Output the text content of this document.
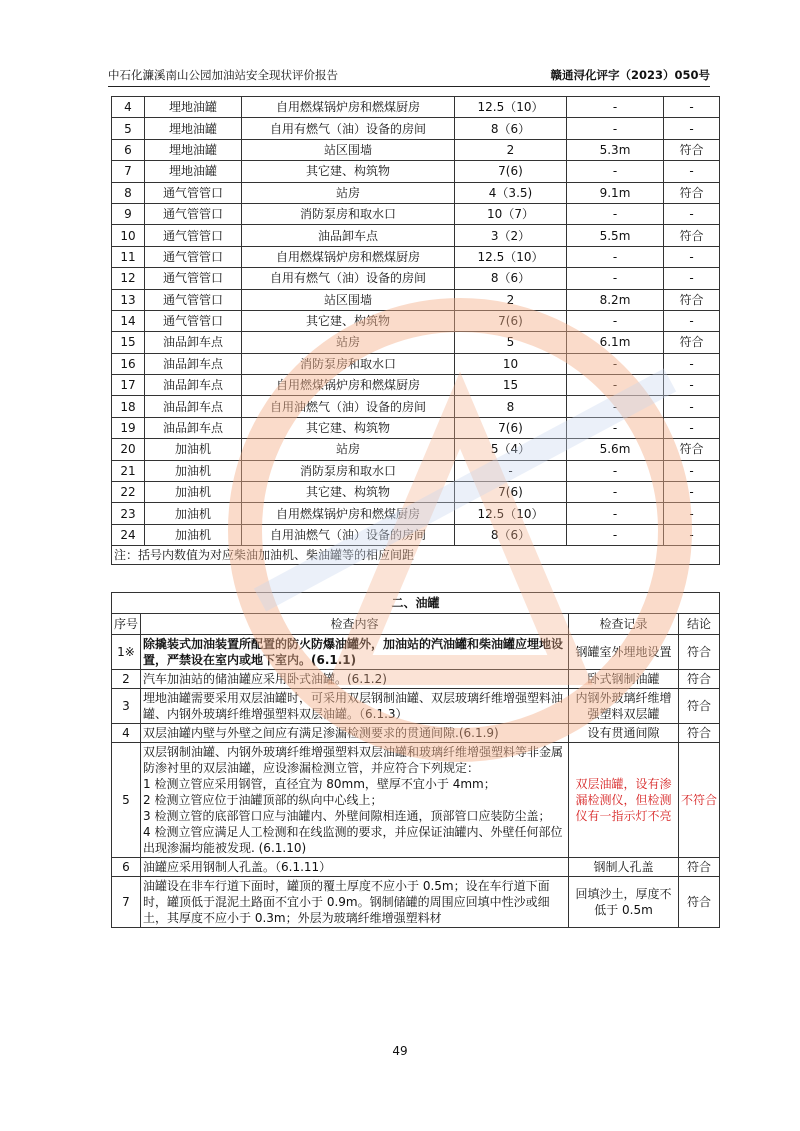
中石化濂溪南山公园加油站安全现状评价报告	赣通浔化评字（2023）050号
4	埋地油罐	自用燃煤锅炉房和燃煤厨房	12.5（10）	-	-
5	埋地油罐	自用有燃气（油）设备的房间	8（6）	-	-
6	埋地油罐	站区围墙	2	5.3m	符合
7	埋地油罐	其它建、构筑物	7(6)	-	-
8	通气管管口	站房	4（3.5)	9.1m	符合
9	通气管管口	消防泵房和取水口	10（7）	-	-
10	通气管管口	油品卸车点	3（2）	5.5m	符合
11	通气管管口	自用燃煤锅炉房和燃煤厨房	12.5（10）	-	-
12	通气管管口	自用有燃气（油）设备的房间	8（6）	-	-
13	通气管管口	站区围墙	2	8.2m	符合
14	通气管管口	其它建、构筑物	7(6)	-	-
15	油品卸车点	站房	5	6.1m	符合
16	油品卸车点	消防泵房和取水口	10	-	-
17	油品卸车点	自用燃煤锅炉房和燃煤厨房	15	-	-
18	油品卸车点	自用油燃气（油）设备的房间	8	-	-
19	油品卸车点	其它建、构筑物	7(6)	-	-
20	加油机	站房	5（4）	5.6m	符合
21	加油机	消防泵房和取水口	-	-	-
22	加油机	其它建、构筑物	7(6)	-	-
23	加油机	自用燃煤锅炉房和燃煤厨房	12.5（10）	-	-
24	加油机	自用油燃气（油）设备的房间	8（6）	-	-
注：括号内数值为对应柴油加油机、柴油罐等的相应间距					
二、油罐			
序号	检查内容	检查记录	结论
1※	除撬装式加油装置所配置的防火防爆油罐外，加油站的汽油罐和柴油罐应埋地设置，严禁设在室内或地下室内。(6.1.1)	钢罐室外埋地设置	符合
2	汽车加油站的储油罐应采用卧式油罐。(6.1.2)	卧式钢制油罐	符合
3	埋地油罐需要采用双层油罐时，可采用双层钢制油罐、双层玻璃纤维增强塑料油罐、内钢外玻璃纤维增强塑料双层油罐。（6.1.3）	内钢外玻璃纤维增强塑料双层罐	符合
4	双层油罐内壁与外壁之间应有满足渗漏检测要求的贯通间隙.(6.1.9)	设有贯通间隙	符合
5	双层钢制油罐、内钢外玻璃纤维增强塑料双层油罐和玻璃纤维增强塑料等非金属防渗衬里的双层油罐，应设渗漏检测立管，并应符合下列规定：
1 检测立管应采用钢管，直径宜为 80mm，壁厚不宜小于 4mm；
2 检测立管应位于油罐顶部的纵向中心线上；
3 检测立管的底部管口应与油罐内、外壁间隙相连通，顶部管口应装防尘盖；
4 检测立管应满足人工检测和在线监测的要求，并应保证油罐内、外壁任何部位出现渗漏均能被发现. (6.1.10)	双层油罐，设有渗漏检测仪，但检测仪有一指示灯不亮	不符合
6	油罐应采用钢制人孔盖。（6.1.11）	钢制人孔盖	符合
7	油罐设在非车行道下面时，罐顶的覆土厚度不应小于 0.5m；设在车行道下面时，罐顶低于混泥土路面不宜小于 0.9m。钢制储罐的周围应回填中性沙或细土，其厚度不应小于 0.3m；外层为玻璃纤维增强塑料材	回填沙土，厚度不低于 0.5m	符合
49
